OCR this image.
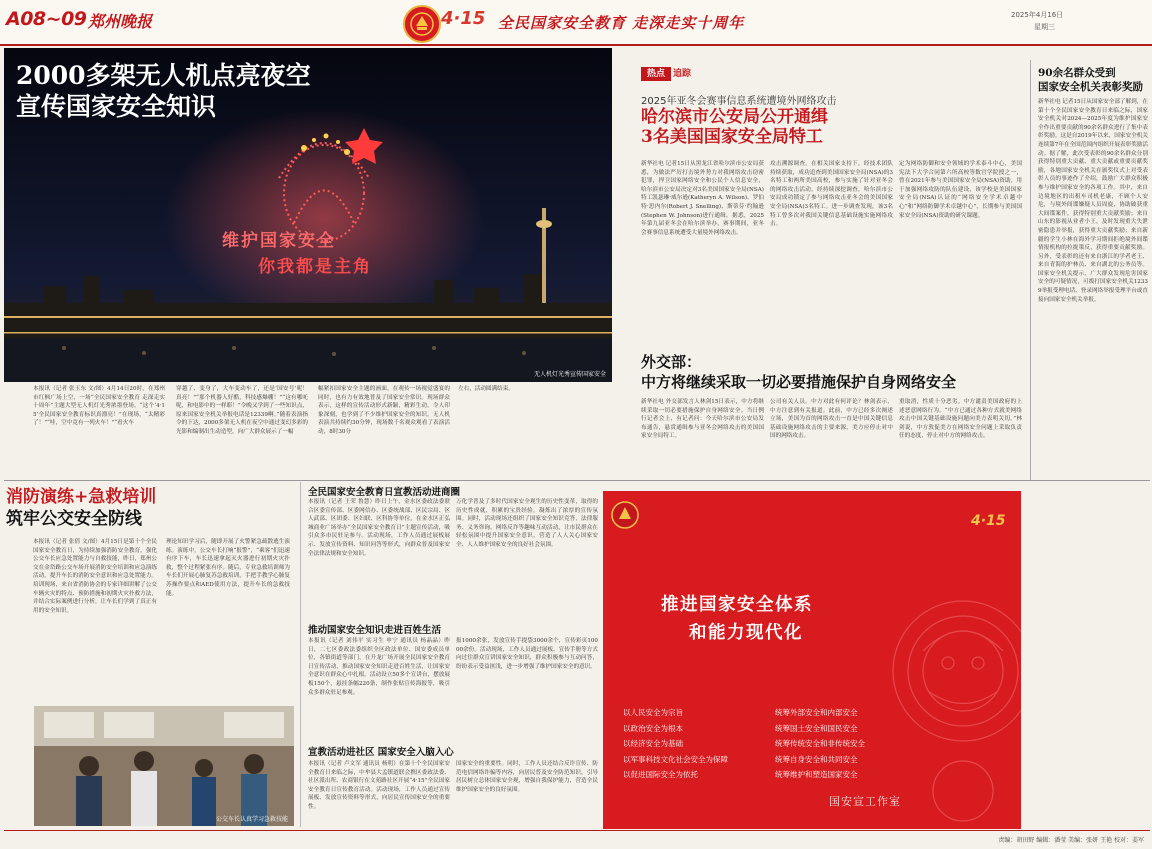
A08~09 郑州晚报	4·15 全民国家安全教育 走深走实十周年	2025年4月16日
星期三
2000多架无人机点亮夜空
宣传国家安全知识
维护国家安全
你我都是主角
无人机灯光秀宣传国家安全

本报讯（记者 张玉东 文/图）4月14日20时，在郑州市红枫广场上空，一场“全民国家安全教育 走深走实十周年”主题大型无人机灯光秀浓墨登场。“这个‘4·15’全民国家安全教育标识真漂亮！”在现场，“太精彩了！”“哇，空中竟有一列火车！”“看火车

穿越了、变身了，大车变动车了，还是‘国安号’呢！真亮！”“那个机器人好酷，科技感爆棚！”“这有哪吒呢，和电影中的一样耶！”令晚又学到了一些知识点，原来国家安全机关举报电话是12339啊。”随着表演指令的下达，2000多架无人机在夜空中通过变幻多彩的光影和编制出生动造型，向广大群众展示了一幅

幅紧扣国家安全主题的画面，在观传一场视觉盛宴的同时，也有力有效地普及了国家安全常识。现场群众表示，这样的宣传活动形式新颖，精彩生动，令人印象深刻，也学到了不少维护国家安全的知识。无人机表演共持续约30分钟，现场数千名观众观看了表演活动，8时30分

左右，活动圆满结束。

热点 追踪
2025年亚冬会赛事信息系统遭境外网络攻击
哈尔滨市公安局公开通缉
3名美国国家安全局特工

新华社电 记者15日从黑龙江省哈尔滨市公安局获悉，为做法严厉打击境外势力对我网络攻击窃密犯罪，捍卫国家网络安全和公民个人信息安全，哈尔滨市公安局决定对3名美国国家安全局(NSA)特工凯瑟琳·威尔逊(Katheryn A. Wilson)、罗伯特·思内尔(Robert J. Snelling)、斯蒂芬·约翰逊(Stephen W. Johnson)进行通缉。据悉，2025年第九届亚冬会在哈尔滨举办，赛事期间，亚冬会赛事信息系统遭受大量境外网络攻击。

攻击溯源调查。在相关国家支持下，经技术团队持续获取，成功追查到美国国家安全局(NSA)的3名特工和两所美国高校，参与实施了针对亚冬会的网络攻击活动。经持续深挖调查，哈尔滨市公安局成功锁定了参与网络攻击亚冬会的美国国家安全局(NSA)3名特工。进一步调查发现，该3名特工曾多次对我国关键信息基础设施实施网络攻击。

定为网络防御和安全领域的学术泰斗中心，美国宪法下大学合同第六所高校等数官学院授之一，曾在2021年参与美国国家安全局(NSA)资助，用于加强网络攻防的队伍建设，该学校是美国国家安全局(NSA)认证的“网络安全学术卓越中心”和“网络防御学术卓越中心”，长期参与美国国家安全局(NSA)资助的研究课题。

外交部：
中方将继续采取一切必要措施保护自身网络安全

新华社电 外交部发言人林剑15日表示，中方将继续采取一切必要措施保护自身网络安全。当日例行记者会上，有记者问：今天哈尔滨市公安局发布通告，悬赏通缉参与亚冬会网络攻击的美国国家安全局特工。

公司有关人员。中方对此有何评论？林剑表示，中方注意到有关报道。此前，中方已经多次阐述立场，美国为首的网络攻击一直是中国关键信息基础设施网络攻击的主要来源，美方应停止对中国的网络攻击。

重取消，性质十分恶劣。中方谴责美国政府的上述恶意网络行为。“中方已通过各种方式就美网络攻击中国关键基础设施问题向美方表明关切。”林剑说，中方敦促美方在网络安全问题上采取负责任的态度，停止对中方的网络攻击。

90余名群众受到
国家安全机关表彰奖励

新华社电 记者15日从国家安全部了解到，在第十个全民国家安全教育日来临之际，国家安全机关对2024—2025年度为维护国家安全作出重要贡献的90余名群众进行了集中表彰奖励。这是自2019年以来，国家安全机关连续第7年在全国范围内组织开展表彰奖励活动。据了解，此次受表彰的90余名群众分别获得特别重大贡献、重大贡献或重要贡献奖励，各地国家安全机关在颁奖仪式上对受表彰人员的事迹作了介绍，鼓励广大群众积极参与维护国家安全的各项工作。其中，来自边境地区的出租车司机老康，不顾个人安危，与境外间谍嫌疑人员周旋，协助破获重大间谍案件，获得特别重大贡献奖励；来自山东的影视从业者小王，及时发现重大失泄密隐患并举报，获得重大贡献奖励；来自新疆的学生小林在海外学习期间拒绝境外间谍情报机构的拉拢策反，获得重要贡献奖励。另外，受表彰的还有来自浙江的学者老王、来自青海的护林员、来自湖北的公务员等。国家安全机关提示，广大群众发现危害国家安全的可疑情况，可拨打国家安全机关12339举报受理电话、登录网络举报受理平台或直接向国家安全机关举报。

消防演练+急救培训
筑牢公交安全防线

本报讯（记者 张倩 文/图）4月15日是第十个全民国家安全教育日，为持续加强消防安全教育，强化公交车长应急处置能力与自救技能，昨日，郑州公交在金岱路公交车场开展消防安全培训和应急演练活动，提升车长的消防安全意识和应急处置能力。培训现场，来自省消防协会的专家详细讲解了公交车辆火灾的特点、预防措施和初期火灾扑救方法，并结合实际案例进行分析，让车长们学到了真正有用的安全知识。

理论知识学习后，随即开展了火警紧急疏散逃生演练。演练中，公交车长打响“报警”，“乘客”们迅速有序下车，车长迅速拿起灭火器进行初期火灾扑救，整个过程紧张有序。随后，专业急救培训师为车长们开展心肺复苏急救培训，手把手教学心肺复苏操作要点和AED使用方法，提升车长的急救技能。

公交车长认真学习急救技能
全民国家安全教育日宣教活动进商圈

本报讯（记者 王荣 鲁慧）昨日上午，金水区委政法委联合区委宣传部、区委网信办、区委统战部、区民宗局、区人武部、区团委、区妇联、区科协等单位，在金水区正弘城商业广场举办“全民国家安全教育日”主题宣传活动，吸引众多市民驻足参与。活动现场，工作人员通过展板展示、发放宣传资料、知识问答等形式，向群众普及国家安全法律法规和安全知识。

万化学普及了多时代国家安全观生的历史性变革，取得的历史性成就，积累的宝贵经验，凝炼出了浓厚的宣传氛围。同时，活动现场还组织了国家安全知识竞答，法律服务、义务咨询，网络反诈等趣味互动活动，让市民群众在轻松氛围中提升国家安全意识，营造了人人关心国家安全、人人维护国家安全的良好社会氛围。

推动国家安全知识走进百姓生活

本报讯（记者 刘伟平 实习生 申宁 通讯员 杨晶晶）昨日，二七区委政法委组织全区政法单位、国安委成员单位，各镇街道等部门，在升龙广场开展全民国家安全教育日宣传活动，推动国家安全知识走进百姓生活，让国家安全意识在群众心中扎根。活动设立50多个宣讲台，摆放展板150个，悬挂条幅220条，制作张贴宣传海报等，吸引众多群众驻足参观。

报1000余张，发放宣传手提袋3000余个，宣传彩页10000余份。活动现场，工作人员通过展板、宣传手册等方式向过往群众宣讲国家安全知识，群众积极参与互动问答，纷纷表示受益匪浅，进一步增强了维护国家安全的意识。

宣教活动进社区 国家安全入脑入心

本报讯（记者 卢文军 通讯员 杨明）在第十个全民国家安全教育日来临之际，中牟县大孟镇道联会携区委政法委、社区派出所、农商银行在文苑路社区开展“4·15”全民国家安全教育日宣传教育活动。活动现场，工作人员通过宣传展板、发放宣传资料等形式，向居民宣传国家安全的重要性。

国家安全的重要性。同时，工作人员还结合反诈宣传、防范电信网络诈骗等内容，向居民普及安全防范知识，引导居民树立总体国家安全观，增强自我保护能力，营造全民维护国家安全的良好氛围。

4·15
推进国家安全体系
和能力现代化
以人民安全为宗旨
以政治安全为根本
以经济安全为基础
以军事科技文化社会安全为保障
以促进国际安全为依托
统筹外部安全和内部安全
统筹国土安全和国民安全
统筹传统安全和非传统安全
统筹自身安全和共同安全
统筹维护和塑造国家安全
国安宣工作室
责编：胡田野 编辑：潘莹 美编：张妍 王艳 校对：姜军
